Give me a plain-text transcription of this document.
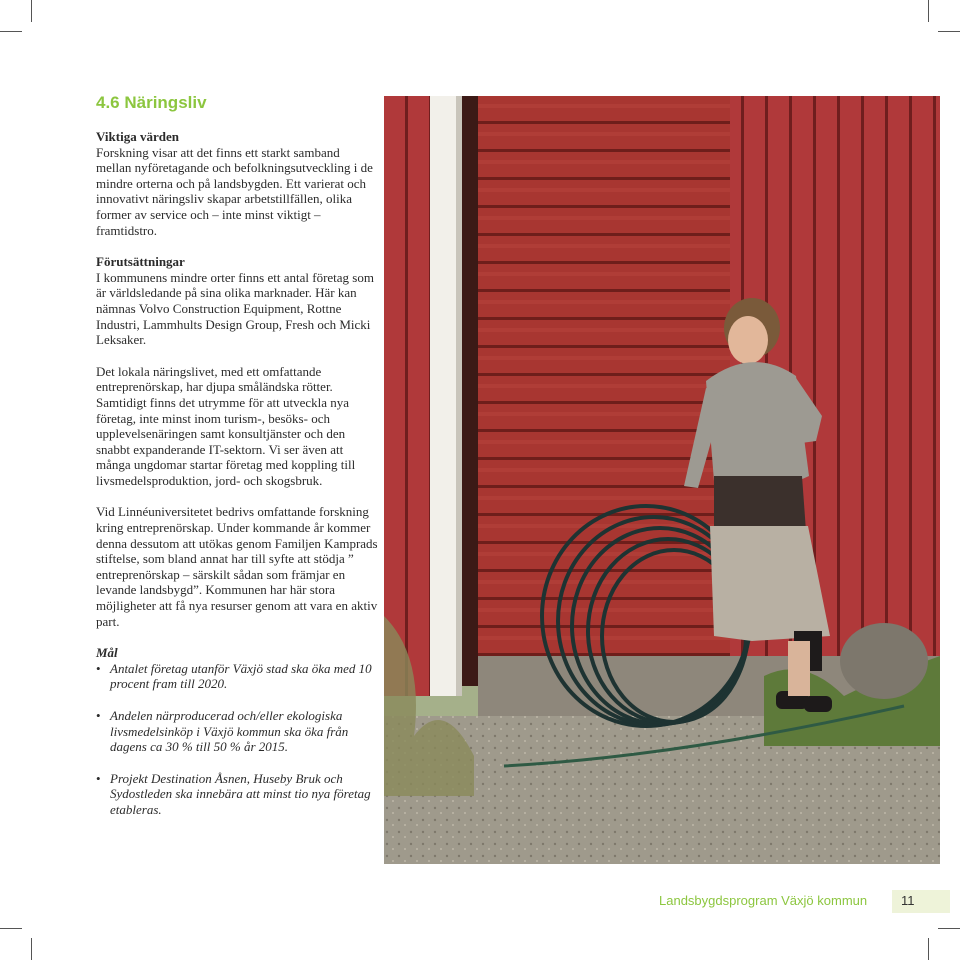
4.6 Näringsliv

Viktiga värden
Forskning visar att det finns ett starkt samband mellan nyföretagande och befolkningsutveckling i de mindre orterna och på landsbygden. Ett varierat och innovativt näringsliv skapar arbetstillfällen, olika former av service och – inte minst viktigt – framtidstro.

Förutsättningar
I kommunens mindre orter finns ett antal företag som är världsledande på sina olika marknader. Här kan nämnas Volvo Construction Equipment, Rottne Industri, Lammhults Design Group, Fresh och Micki Leksaker.

Det lokala näringslivet, med ett omfattande entreprenörskap, har djupa småländska rötter. Samtidigt finns det utrymme för att utveckla nya företag, inte minst inom turism-, besöks- och upplevelsenäringen samt konsultjänster och den snabbt expanderande IT-sektorn. Vi ser även att många ungdomar startar företag med koppling till livsmedelsproduktion, jord- och skogsbruk.

Vid Linnéuniversitetet bedrivs omfattande forskning kring entreprenörskap. Under kommande år kommer denna dessutom att utökas genom Familjen Kamprads stiftelse, som bland annat har till syfte att stödja ” entreprenörskap – särskilt sådan som främjar en levande landsbygd”. Kommunen har här stora möjligheter att få nya resurser genom att vara en aktiv part.

Mål
• Antalet företag utanför Växjö stad ska öka med 10 procent fram till 2020.
• Andelen närproducerad och/eller ekologiska livsmedelsinköp i Växjö kommun ska öka från dagens ca 30 % till 50 % år 2015.
• Projekt Destination Åsnen, Huseby Bruk och Sydostleden ska innebära att minst tio nya företag etableras.
Landsbygdsprogram Växjö kommun	11
